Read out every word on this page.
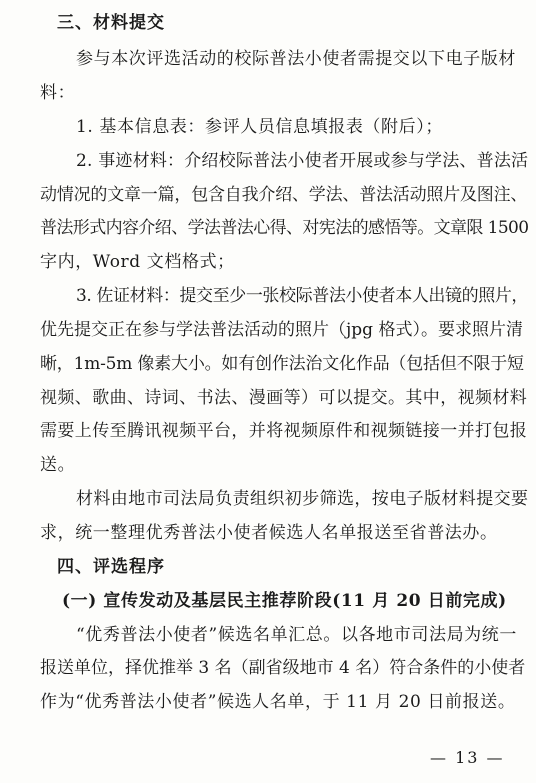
三、材料提交
参与本次评选活动的校际普法小使者需提交以下电子版材
料：
1. 基本信息表：参评人员信息填报表（附后）；
2. 事迹材料：介绍校际普法小使者开展或参与学法、普法活
动情况的文章一篇，包含自我介绍、学法、普法活动照片及图注、
普法形式内容介绍、学法普法心得、对宪法的感悟等。文章限 1500
字内，Word 文档格式；
3. 佐证材料：提交至少一张校际普法小使者本人出镜的照片，
优先提交正在参与学法普法活动的照片（jpg 格式）。要求照片清
晰，1m-5m 像素大小。如有创作法治文化作品（包括但不限于短
视频、歌曲、诗词、书法、漫画等）可以提交。其中，视频材料
需要上传至腾讯视频平台，并将视频原件和视频链接一并打包报
送。
材料由地市司法局负责组织初步筛选，按电子版材料提交要
求，统一整理优秀普法小使者候选人名单报送至省普法办。
四、评选程序
(一) 宣传发动及基层民主推荐阶段(11 月 20 日前完成)
“优秀普法小使者”候选名单汇总。以各地市司法局为统一
报送单位，择优推举 3 名（副省级地市 4 名）符合条件的小使者
作为“优秀普法小使者”候选人名单，于 11 月 20 日前报送。
— 13 —
